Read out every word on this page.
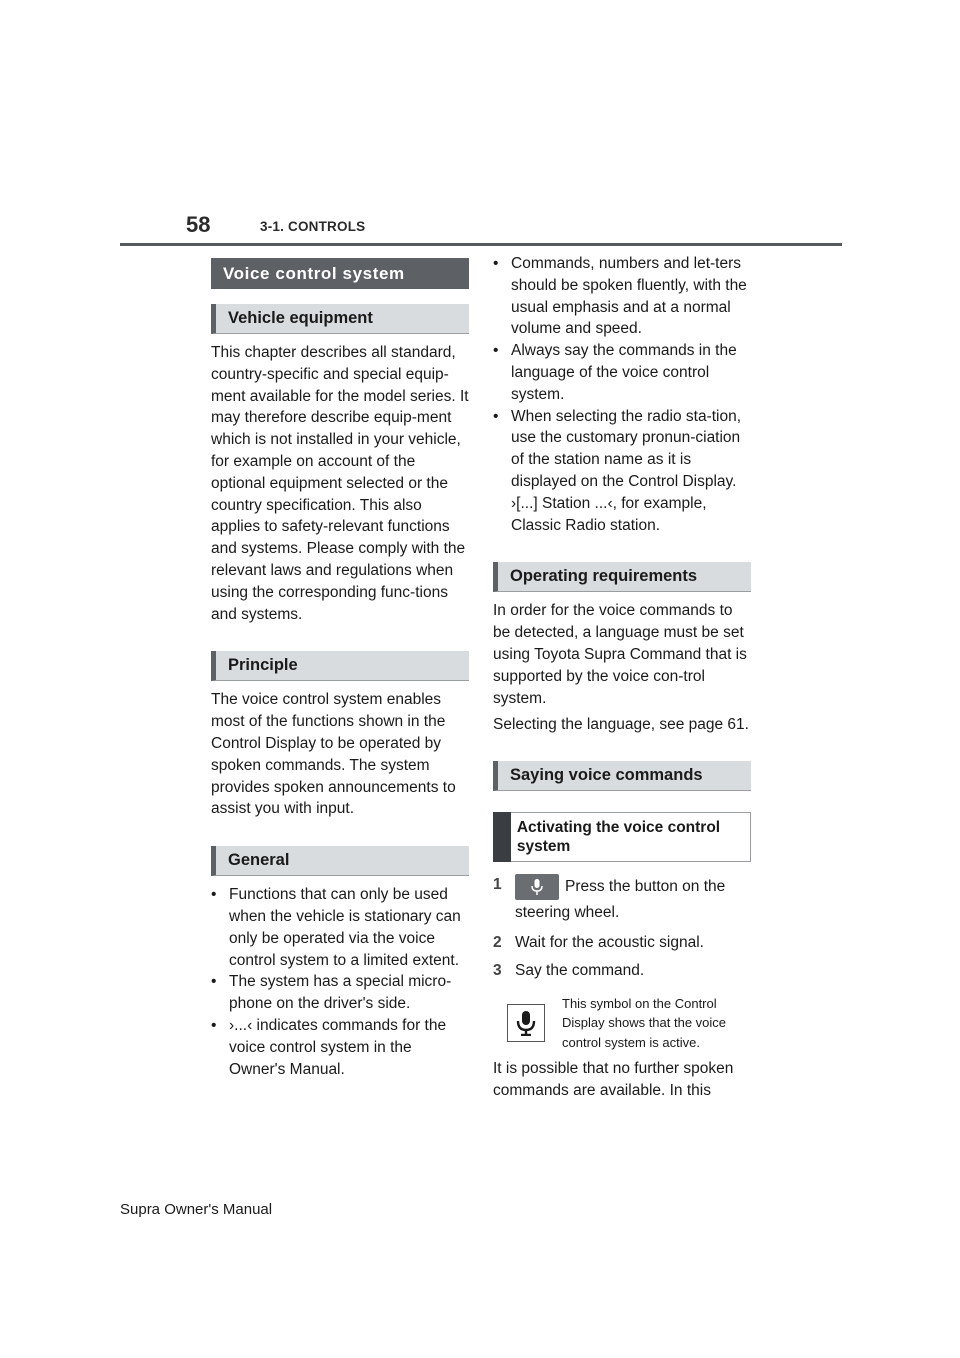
58	3-1. CONTROLS
Voice control system
Vehicle equipment

This chapter describes all standard, country-specific and special equip-ment available for the model series. It may therefore describe equip-ment which is not installed in your vehicle, for example on account of the optional equipment selected or the country specification. This also applies to safety-relevant functions and systems. Please comply with the relevant laws and regulations when using the corresponding func-tions and systems.

Principle

The voice control system enables most of the functions shown in the Control Display to be operated by spoken commands. The system provides spoken announcements to assist you with input.

General
• Functions that can only be used when the vehicle is stationary can only be operated via the voice control system to a limited extent.
• The system has a special micro-phone on the driver's side.
• ›...‹ indicates commands for the voice control system in the Owner's Manual.
• Commands, numbers and let-ters should be spoken fluently, with the usual emphasis and at a normal volume and speed.
• Always say the commands in the language of the voice control system.
• When selecting the radio sta-tion, use the customary pronun-ciation of the station name as it is displayed on the Control Display. ›[...] Station ...‹, for example, Classic Radio station.
Operating requirements

In order for the voice commands to be detected, a language must be set using Toyota Supra Command that is supported by the voice con-trol system.

Selecting the language, see page 61.

Saying voice commands
Activating the voice control system
1	Press the button on the steering wheel.
2 Wait for the acoustic signal.
3 Say the command.
This symbol on the Control Display shows that the voice control system is active.

It is possible that no further spoken commands are available. In this

Supra Owner's Manual
